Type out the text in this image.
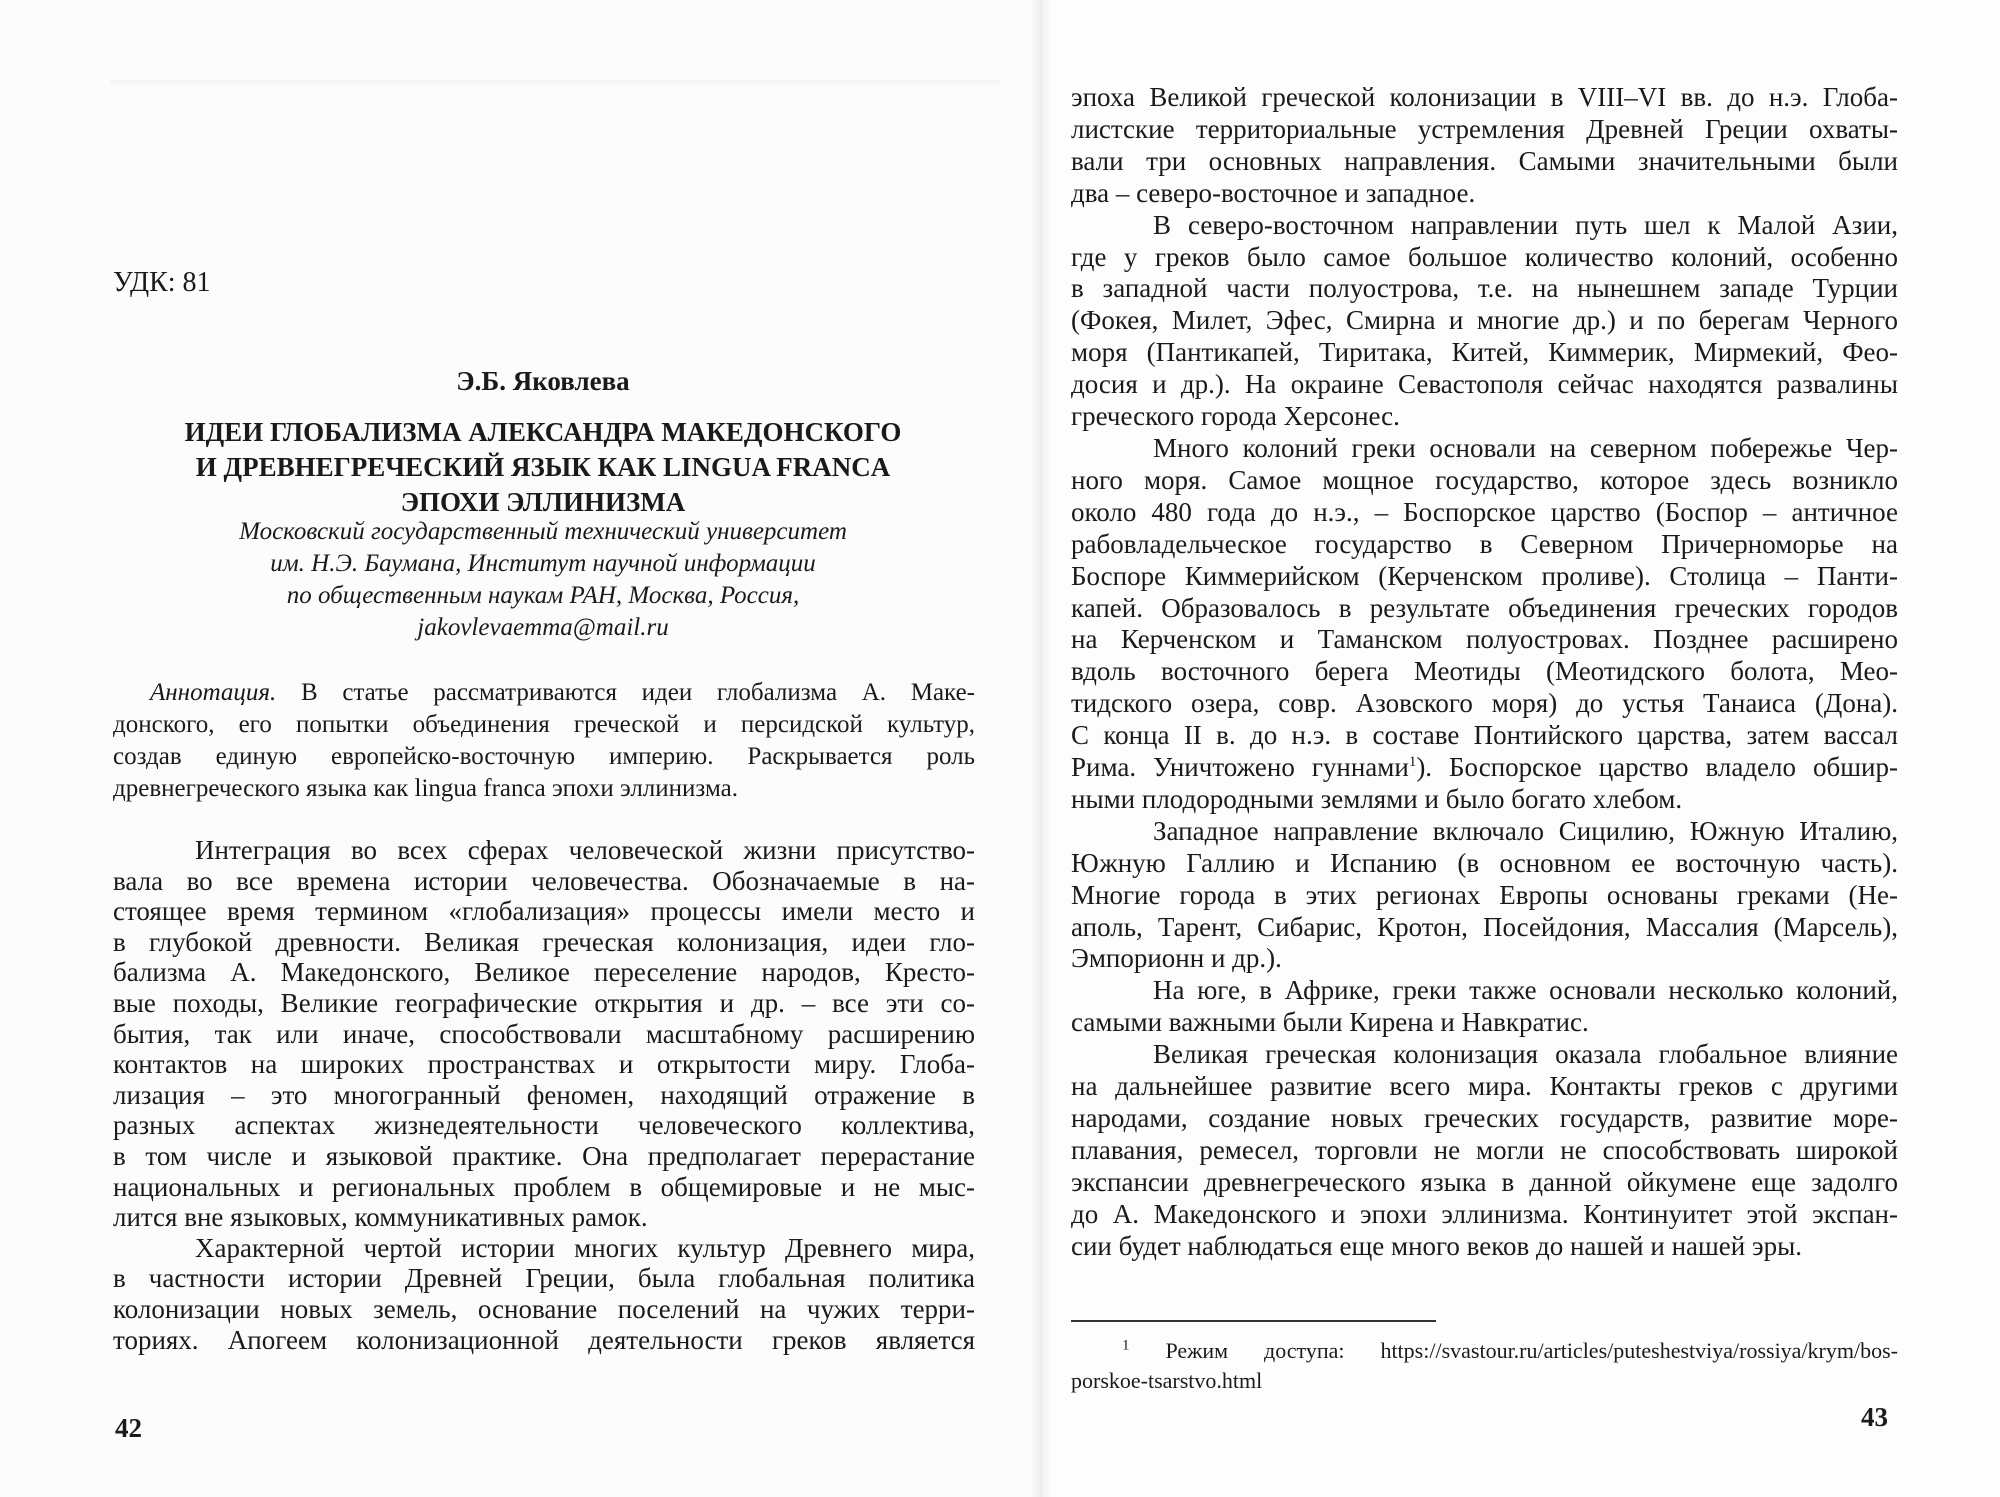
УДК: 81
Э.Б. Яковлева
ИДЕИ ГЛОБАЛИЗМА АЛЕКСАНДРА МАКЕДОНСКОГО
И ДРЕВНЕГРЕЧЕСКИЙ ЯЗЫК КАК LINGUA FRANCA
ЭПОХИ ЭЛЛИНИЗМА
Московский государственный технический университет
им. Н.Э. Баумана, Институт научной информации
по общественным наукам РАН, Москва, Россия,
jakovlevaemma@mail.ru
Аннотация. В статье рассматриваются идеи глобализма А. Маке-
донского, его попытки объединения греческой и персидской культур,
создав единую европейско-восточную империю. Раскрывается роль
древнегреческого языка как lingua franca эпохи эллинизма.
Интеграция во всех сферах человеческой жизни присутство-
вала во все времена истории человечества. Обозначаемые в на-
стоящее время термином «глобализация» процессы имели место и
в глубокой древности. Великая греческая колонизация, идеи гло-
бализма А. Македонского, Великое переселение народов, Кресто-
вые походы, Великие географические открытия и др. – все эти со-
бытия, так или иначе, способствовали масштабному расширению
контактов на широких пространствах и открытости миру. Глоба-
лизация – это многогранный феномен, находящий отражение в
разных аспектах жизнедеятельности человеческого коллектива,
в том числе и языковой практике. Она предполагает перерастание
национальных и региональных проблем в общемировые и не мыс-
лится вне языковых, коммуникативных рамок.
Характерной чертой истории многих культур Древнего мира,
в частности истории Древней Греции, была глобальная политика
колонизации новых земель, основание поселений на чужих терри-
ториях. Апогеем колонизационной деятельности греков является
42
эпоха Великой греческой колонизации в VIII–VI вв. до н.э. Глоба-
листские территориальные устремления Древней Греции охваты-
вали три основных направления. Самыми значительными были
два – северо-восточное и западное.
В северо-восточном направлении путь шел к Малой Азии,
где у греков было самое большое количество колоний, особенно
в западной части полуострова, т.е. на нынешнем западе Турции
(Фокея, Милет, Эфес, Смирна и многие др.) и по берегам Черного
моря (Пантикапей, Тиритака, Китей, Киммерик, Мирмекий, Фео-
досия и др.). На окраине Севастополя сейчас находятся развалины
греческого города Херсонес.
Много колоний греки основали на северном побережье Чер-
ного моря. Самое мощное государство, которое здесь возникло
около 480 года до н.э., – Боспорское царство (Боспор – античное
рабовладельческое государство в Северном Причерноморье на
Боспоре Киммерийском (Керченском проливе). Столица – Панти-
капей. Образовалось в результате объединения греческих городов
на Керченском и Таманском полуостровах. Позднее расширено
вдоль восточного берега Меотиды (Меотидского болота, Мео-
тидского озера, совр. Азовского моря) до устья Танаиса (Дона).
С конца II в. до н.э. в составе Понтийского царства, затем вассал
Рима. Уничтожено гуннами$^1$). Боспорское царство владело обшир-
ными плодородными землями и было богато хлебом.
Западное направление включало Сицилию, Южную Италию,
Южную Галлию и Испанию (в основном ее восточную часть).
Многие города в этих регионах Европы основаны греками (Не-
аполь, Тарент, Сибарис, Кротон, Посейдония, Массалия (Марсель),
Эмпорионн и др.).
На юге, в Африке, греки также основали несколько колоний,
самыми важными были Кирена и Навкратис.
Великая греческая колонизация оказала глобальное влияние
на дальнейшее развитие всего мира. Контакты греков с другими
народами, создание новых греческих государств, развитие море-
плавания, ремесел, торговли не могли не способствовать широкой
экспансии древнегреческого языка в данной ойкумене еще задолго
до А. Македонского и эпохи эллинизма. Континуитет этой экспан-
сии будет наблюдаться еще много веков до нашей и нашей эры.
$^1$ Режим доступа: https://svastour.ru/articles/puteshestviya/rossiya/krym/bos-
porskoe-tsarstvo.html
43
